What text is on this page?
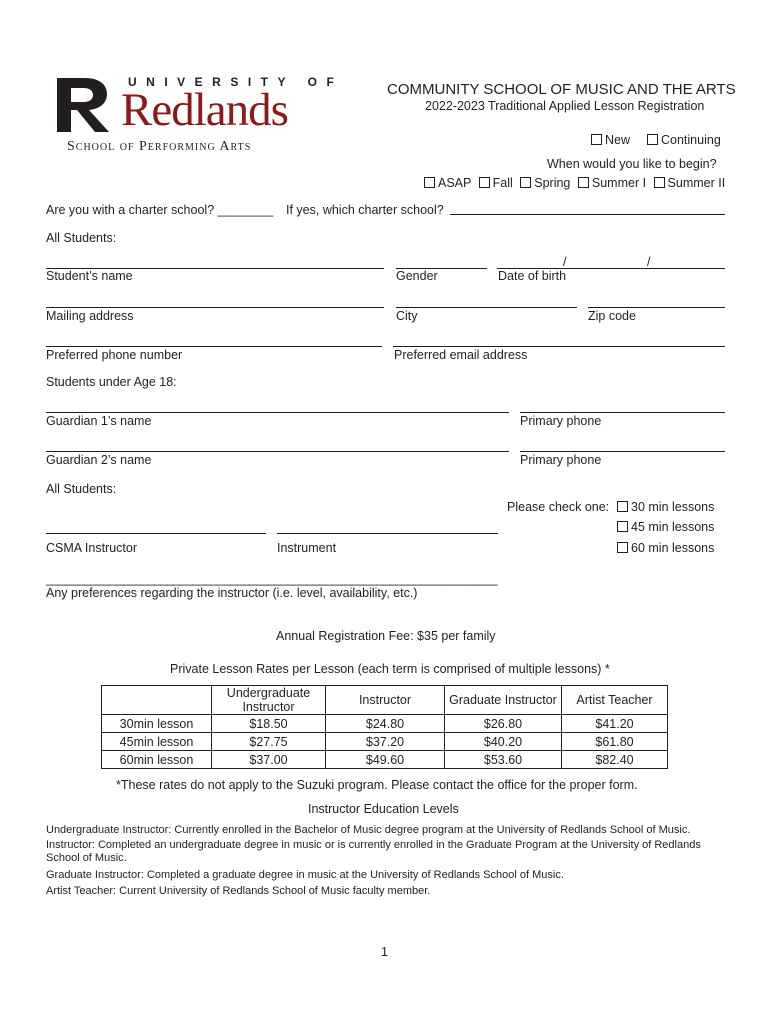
UNIVERSITY OF
Redlands
School of Performing Arts
COMMUNITY SCHOOL OF MUSIC AND THE ARTS
2022-2023 Traditional Applied Lesson Registration
New	Continuing
When would you like to begin?
ASAP Fall Spring Summer I Summer II
Are you with a charter school? ________ If yes, which charter school?
All Students:
Student’s name	Gender
/	/
Date of birth
Mailing address	City	Zip code
Preferred phone number	Preferred email address
Students under Age 18:
Guardian 1’s name	Primary phone
Guardian 2’s name	Primary phone
All Students:
Please check one:	30 min lessons
45 min lessons
60 min lessons
CSMA Instructor	Instrument
_______________________________________________________________________
Any preferences regarding the instructor (i.e. level, availability, etc.)
Annual Registration Fee: $35 per family
Private Lesson Rates per Lesson (each term is comprised of multiple lessons) *
	Undergraduate Instructor	Instructor	Graduate Instructor	Artist Teacher
30min lesson	$18.50	$24.80	$26.80	$41.20
45min lesson	$27.75	$37.20	$40.20	$61.80
60min lesson	$37.00	$49.60	$53.60	$82.40
*These rates do not apply to the Suzuki program. Please contact the office for the proper form.
Instructor Education Levels
Undergraduate Instructor: Currently enrolled in the Bachelor of Music degree program at the University of Redlands School of Music.
Instructor: Completed an undergraduate degree in music or is currently enrolled in the Graduate Program at the University of Redlands
School of Music.
Graduate Instructor: Completed a graduate degree in music at the University of Redlands School of Music.
Artist Teacher: Current University of Redlands School of Music faculty member.
1
